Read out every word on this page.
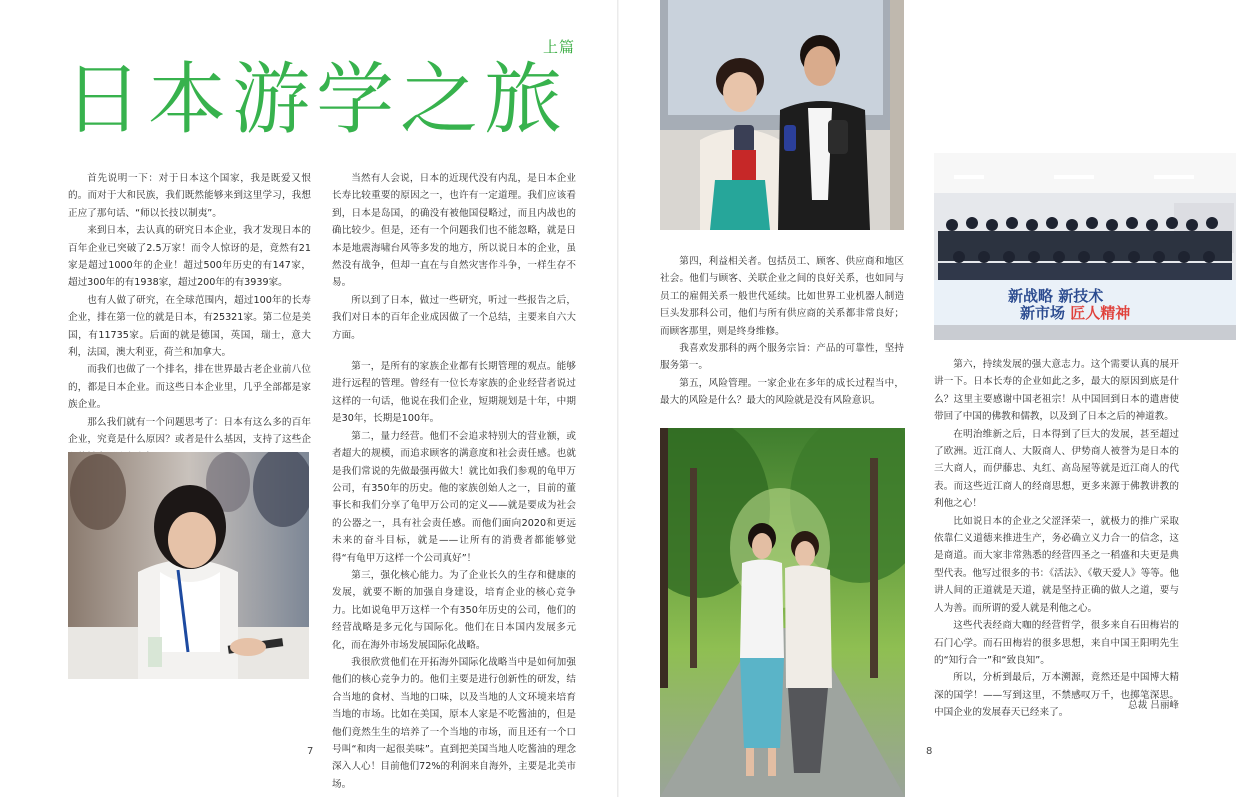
上篇
日本游学之旅

首先说明一下：对于日本这个国家，我是既爱又恨的。而对于大和民族，我们既然能够来到这里学习，我想正应了那句话、“师以长技以制夷”。

来到日本，去认真的研究日本企业，我才发现日本的百年企业已突破了2.5万家！而令人惊讶的是，竟然有21家是超过1000年的企业！超过500年历史的有147家，超过300年的有1938家，超过200年的有3939家。

也有人做了研究，在全球范围内，超过100年的长寿企业，排在第一位的就是日本，有25321家。第二位是美国，有11735家。后面的就是德国，英国，瑞士，意大利，法国，澳大利亚，荷兰和加拿大。

而我们也做了一个排名，排在世界最古老企业前八位的，都是日本企业。而这些日本企业里，几乎全部都是家族企业。

那么我们就有一个问题思考了：日本有这么多的百年企业，究竟是什么原因？或者是什么基因，支持了这些企

当然有人会说，日本的近现代没有内乱，是日本企业长寿比较重要的原因之一，也许有一定道理。我们应该看到，日本是岛国，的确没有被他国侵略过，而且内战也的确比较少。但是，还有一个问题我们也不能忽略，就是日本是地震海啸台风等多发的地方，所以说日本的企业，虽然没有战争，但却一直在与自然灾害作斗争，一样生存不易。

所以到了日本，做过一些研究，听过一些报告之后，我们对日本的百年企业成因做了一个总结，主要来自六大方面。

第一，是所有的家族企业都有长期管理的观点。能够进行远程的管理。曾经有一位长寿家族的企业经营者说过这样的一句话，他说在我们企业，短期规划是十年，中期是30年，长期是100年。

第二，量力经营。他们不会追求特别大的营业额，或者超大的规模，而追求顾客的满意度和社会责任感。也就是我们常说的先做最强再做大！就比如我们参观的龟甲万公司，有350年的历史。他的家族创始人之一，目前的董事长和我们分享了龟甲万公司的定义——就是要成为社会的公器之一，具有社会责任感。而他们面向2020和更远未来的奋斗目标，就是——让所有的消费者都能够觉得“有龟甲万这样一个公司真好”！

第三，强化核心能力。为了企业长久的生存和健康的发展，就要不断的加强自身建设，培育企业的核心竞争力。比如说龟甲万这样一个有350年历史的公司，他们的经营战略是多元化与国际化。他们在日本国内发展多元化，而在海外市场发展国际化战略。

我很欣赏他们在开拓海外国际化战略当中是如何加强他们的核心竞争力的。他们主要是进行创新性的研发，结合当地的食材、当地的口味，以及当地的人文环境来培育当地的市场。比如在美国，原本人家是不吃酱油的，但是他们竟然生生的培养了一个当地的市场，而且还有一个口号叫“和肉一起很美味”。直到把美国当地人吃酱油的理念深入人心！目前他们72%的利润来自海外，主要是北美市场。

7

第四，利益相关者。包括员工、顾客、供应商和地区社会。他们与顾客、关联企业之间的良好关系，也如同与员工的雇佣关系一般世代延续。比如世界工业机器人制造巨头发那科公司，他们与所有供应商的关系都非常良好；而顾客那里，则是终身维修。

我喜欢发那科的两个服务宗旨：产品的可靠性，坚持服务第一。

第五，风险管理。一家企业在多年的成长过程当中，最大的风险是什么？最大的风险就是没有风险意识。

新战略 新技术
新市场 匠人精神

第六，持续发展的强大意志力。这个需要认真的展开讲一下。日本长寿的企业如此之多，最大的原因到底是什么？这里主要感谢中国老祖宗！从中国回到日本的遣唐使带回了中国的佛教和儒教，以及到了日本之后的神道教。

在明治维新之后，日本得到了巨大的发展，甚至超过了欧洲。近江商人、大阪商人、伊势商人被誉为是日本的三大商人，而伊藤忠、丸红、高岛屋等就是近江商人的代表。而这些近江商人的经商思想，更多来源于佛教讲教的利他之心！

比如说日本的企业之父涩泽荣一，就极力的推广采取依靠仁义道德来推进生产，务必确立义力合一的信念，这是商道。而大家非常熟悉的经营四圣之一稻盛和夫更是典型代表。他写过很多的书：《活法》、《敬天爱人》等等。他讲人间的正道就是天道，就是坚持正确的做人之道，要与人为善。而所谓的爱人就是利他之心。

这些代表经商大咖的经营哲学，很多来自石田梅岩的石门心学。而石田梅岩的很多思想，来自中国王阳明先生的“知行合一”和“致良知”。

所以，分析到最后，万本溯源，竟然还是中国博大精深的国学！——写到这里，不禁感叹万千，也掷笔深思。中国企业的发展春天已经来了。

总裁 吕丽峰
8
